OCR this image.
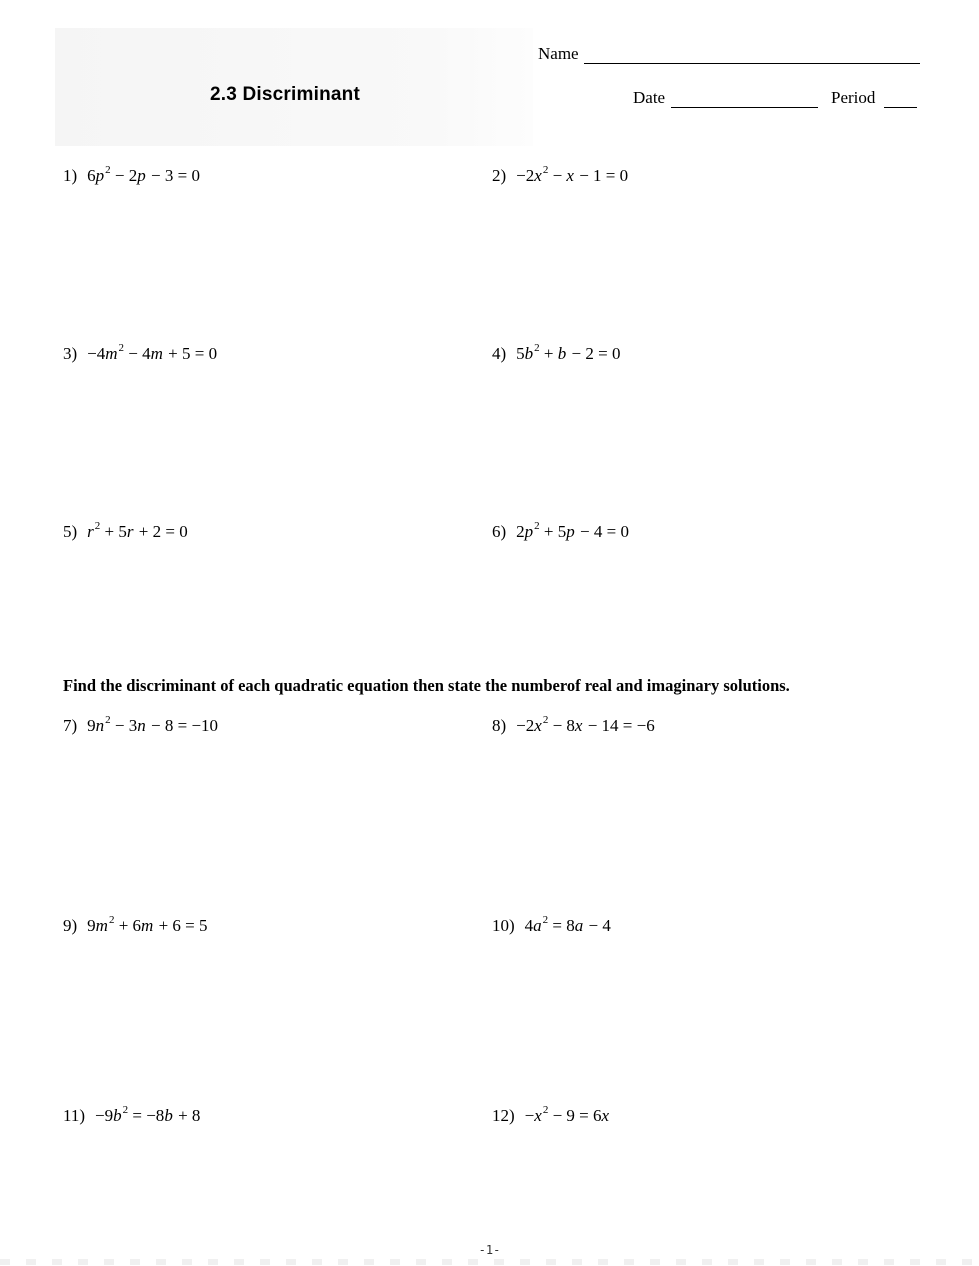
Name
2.3 Discriminant	Date	Period
Find the discriminant of each quadratic equation then state the numberof real and imaginary solutions.
1) $6p^2 - 2p - 3 = 0$	$2) -2x^2 - x - 1 = 0$
$3) -4m^2 - 4m + 5 = 0$	4) $5b^2 + b - 2 = 0$
5) $r^2 + 5r + 2 = 0$	6) $2p^2 + 5p - 4 = 0$
7) $9n^2 - 3n - 8 = -10$	$8) -2x^2 - 8x - 14 = -6$
9) $9m^2 + 6m + 6 = 5$	10) $4a^2 = 8a - 4$
$11) -9b^2 = -8b + 8$	$12) -x^2 - 9 = 6x$
-1-
